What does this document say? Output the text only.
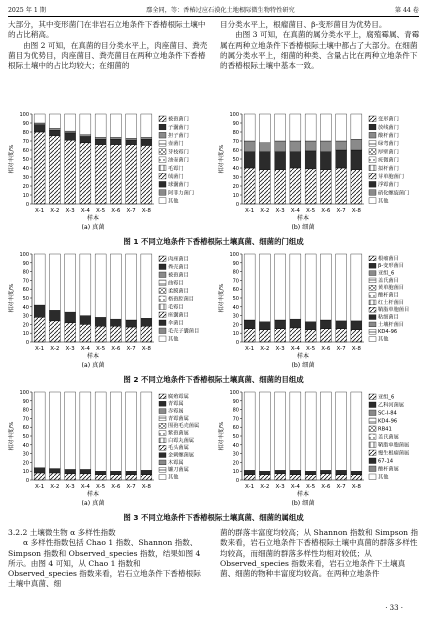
2025 年 1 期	鄢全同，等：香椿过应石漠化土地根际微生物特性研究	第 44 卷

大部分，其中变形菌门在非岩石立地条件下香椿根际土壤中的占比稍高。

由图 2 可知，在真菌的目分类水平上，肉座菌目、粪壳菌目为优势目，肉座菌目、粪壳菌目在两种立地条件下香椿根际土壤中的占比均较大；在细菌的

目分类水平上，根瘤菌目、β-变形菌目为优势目。

由图 3 可知，在真菌的属分类水平上，腐殖霉属、青霉属在两种立地条件下香椿根际土壤中都占了大部分。在细菌的属分类水平上，细菌的种类、含量占比在两种立地条件下的香椿根际土壤中基本一致。

0
10
20
30
40
50
60
70
80
90
100
相对丰度/%
X-1 X-2 X-3 X-4 X-5 X-6 X-7 X-8
样本
(a) 真菌
被孢菌门
子囊菌门
担子菌门
壶菌门
芽枝霉门
油壶菌门
毛霉门
绒菌门
球囊菌门
阿菲力菌门
其他
0
10
20
30
40
50
60
70
80
90
100
相对丰度/%
X-1 X-2 X-3 X-4 X-5 X-6 X-7 X-8
样本
(b) 细菌
变形菌门
放线菌门
酸杆菌门
绿弯菌门
厚壁菌门
疣微菌门
拟杆菌门
芽单胞菌门
浮霉菌门
硝化螺旋菌门
其他
图 1 不同立地条件下香椿根际土壤真菌、细菌的门组成
0
10
20
30
40
50
60
70
80
90
100
相对丰度/%
X-1 X-2 X-3 X-4 X-5 X-6 X-7 X-8
样本
(a) 真菌
肉座菌目
粪壳菌目
被孢菌目
曲霉目
柔膜菌目
格孢腔菌目
毛霉目
座囊菌目
伞菌目
毛壳子囊菌目
其他
0
10
20
30
40
50
60
70
80
90
100
相对丰度/%
X-1 X-2 X-3 X-4 X-5 X-6 X-7 X-8
样本
(b) 细菌
根瘤菌目
β-变形菌目
亚组_6
盖氏菌目
黄单胞菌目
酸杆菌目
红土杆菌目
鞘脂单胞菌目
粘细菌目
土壤杆菌目
KD4-96
其他
图 2 不同立地条件下香椿根际土壤真菌、细菌的目组成
0
10
20
30
40
50
60
70
80
90
100
相对丰度/%
X-1 X-2 X-3 X-4 X-5 X-6 X-7 X-8
样本
(a) 真菌
腐殖霉属
青霉属
赤霉属
青霉菌属
围孢毛壳菌属
紫孢菌属
白霉丸菌属
毛头菌属
金刺螺菌属
木霉属
镰刀菌属
其他
0
10
20
30
40
50
60
70
80
90
100
相对丰度/%
X-1 X-2 X-3 X-4 X-5 X-6 X-7 X-8
样本
(b) 细菌
亚组_6
乙科河菌属
SC-I-84
KD4-96
RB41
盖氏菌属
鞘脂单胞菌属
慢生根瘤菌属
67-14
酸杆菌属
其他
图 3 不同立地条件下香椿根际土壤真菌、细菌的属组成
3.2.2 土壤微生物 α 多样性指数

α 多样性指数包括 Chao 1 指数、Shannon 指数、Simpson 指数和 Observed_species 指数，结果如图 4 所示。由图 4 可知，从 Chao 1 指数和 Observed_species 指数来看，岩石立地条件下香椿根际土壤中真菌、细

菌的群落丰富度均较高；从 Shannon 指数和 Simpson 指数来看，岩石立地条件下香椿根际土壤中真菌的群落多样性均较高，而细菌的群落多样性均相对较低；从 Observed_species 指数来看，岩石立地条件下土壤真菌、细菌的物种丰富度均较高。在两种立地条件

· 33 ·
